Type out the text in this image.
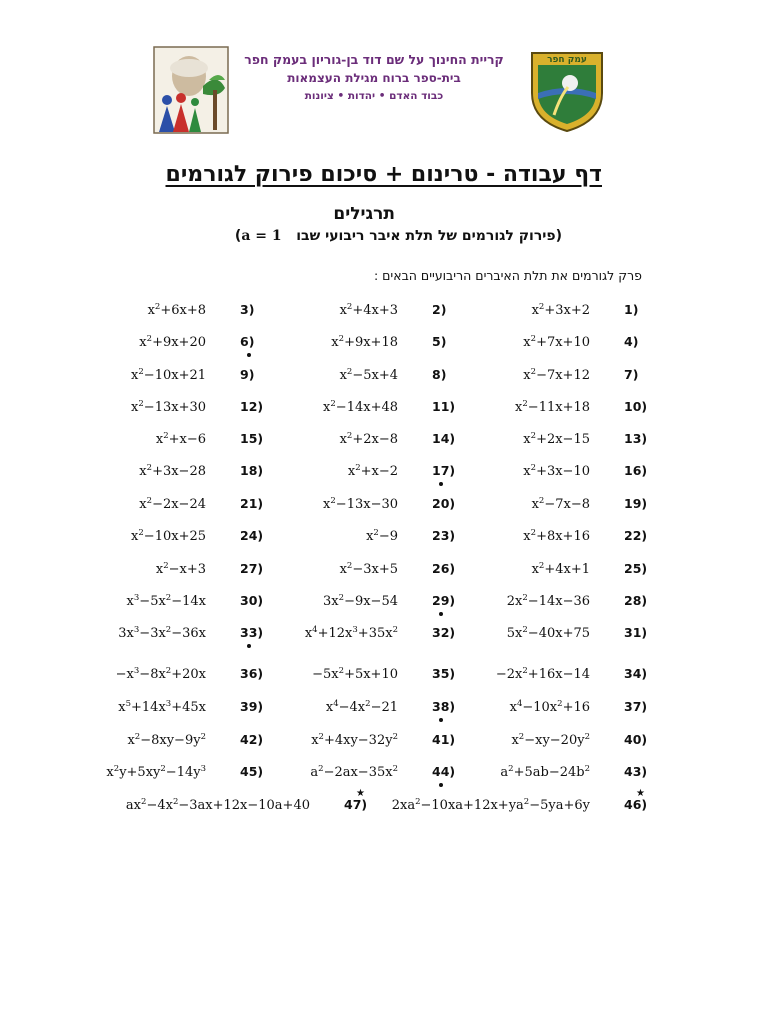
קריית החינוך על שם דוד בן-גוריון בעמק חפר
בית-ספר ברוח מגילת העצמאות
כבוד האדם • יהדות • ציונות
עמק חפר
דף עבודה - טרינום + סיכום פירוק לגורמים
תרגילים
(פירוק לגורמים של תלת איבר ריבועי שבו   a = 1)
פרק לגורמים את תלת האיברים הריבועיים הבאים :
$x^2+3x+2$	1)
$x^2+4x+3$	2)
$x^2+6x+8$	3)
$x^2+7x+10$	4)
$x^2+9x+18$	5)
$x^2+9x+20$	6)
$x^2-7x+12$	7)
$x^2-5x+4$	8)
$x^2-10x+21$	9)
$x^2-11x+18$	10)
$x^2-14x+48$	11)
$x^2-13x+30$	12)
$x^2+2x-15$	13)
$x^2+2x-8$	14)
$x^2+x-6$	15)
$x^2+3x-10$	16)
$x^2+x-2$	17)
$x^2+3x-28$	18)
$x^2-7x-8$	19)
$x^2-13x-30$	20)
$x^2-2x-24$	21)
$x^2+8x+16$	22)
$x^2-9$	23)
$x^2-10x+25$	24)
$x^2+4x+1$	25)
$x^2-3x+5$	26)
$x^2-x+3$	27)
$2x^2-14x-36$	28)
$3x^2-9x-54$	29)
$x^3-5x^2-14x$	30)
$5x^2-40x+75$	31)
$x^4+12x^3+35x^2$	32)
$3x^3-3x^2-36x$	33)
$-2x^2+16x-14$	34)
$-5x^2+5x+10$	35)
$-x^3-8x^2+20x$	36)
$x^4-10x^2+16$	37)
$x^4-4x^2-21$	38)
$x^5+14x^3+45x$	39)
$x^2-xy-20y^2$	40)
$x^2+4xy-32y^2$	41)
$x^2-8xy-9y^2$	42)
$a^2+5ab-24b^2$	43)
$a^2-2ax-35x^2$	44)
$x^2y+5xy^2-14y^3$	45)
$2xa^2-10xa+12x+ya^2-5ya+6y$	46)
★
$ax^2-4x^2-3ax+12x-10a+40$	47)
★
